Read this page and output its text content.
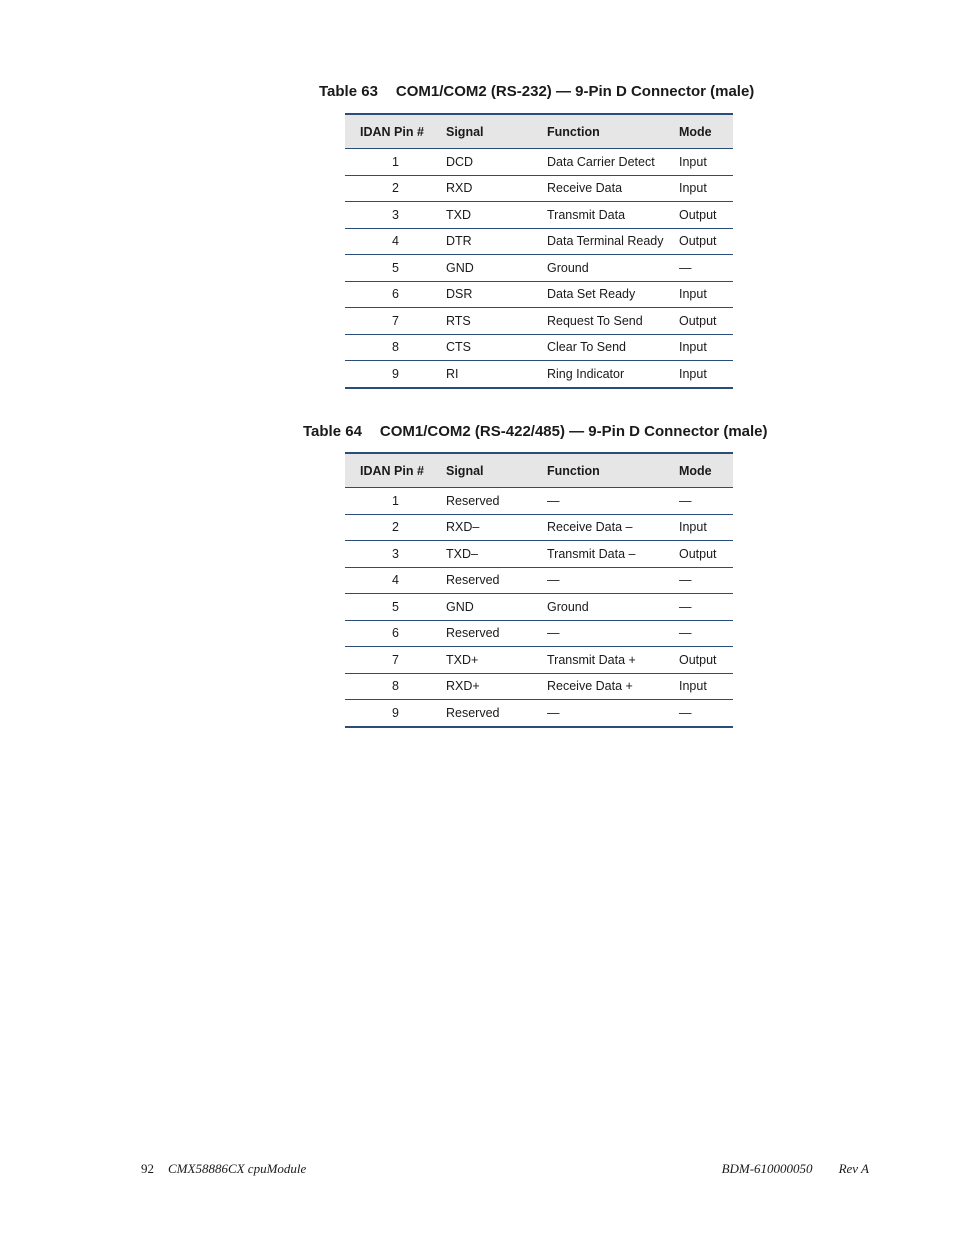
Table 63 COM1/COM2 (RS-232) — 9-Pin D Connector (male)
IDAN Pin #	Signal	Function	Mode
1	DCD	Data Carrier Detect	Input
2	RXD	Receive Data	Input
3	TXD	Transmit Data	Output
4	DTR	Data Terminal Ready	Output
5	GND	Ground	—
6	DSR	Data Set Ready	Input
7	RTS	Request To Send	Output
8	CTS	Clear To Send	Input
9	RI	Ring Indicator	Input
Table 64 COM1/COM2 (RS-422/485) — 9-Pin D Connector (male)
IDAN Pin #	Signal	Function	Mode
1	Reserved	—	—
2	RXD–	Receive Data –	Input
3	TXD–	Transmit Data –	Output
4	Reserved	—	—
5	GND	Ground	—
6	Reserved	—	—
7	TXD+	Transmit Data +	Output
8	RXD+	Receive Data +	Input
9	Reserved	—	—
92 CMX58886CX cpuModule	BDM-610000050 Rev A
